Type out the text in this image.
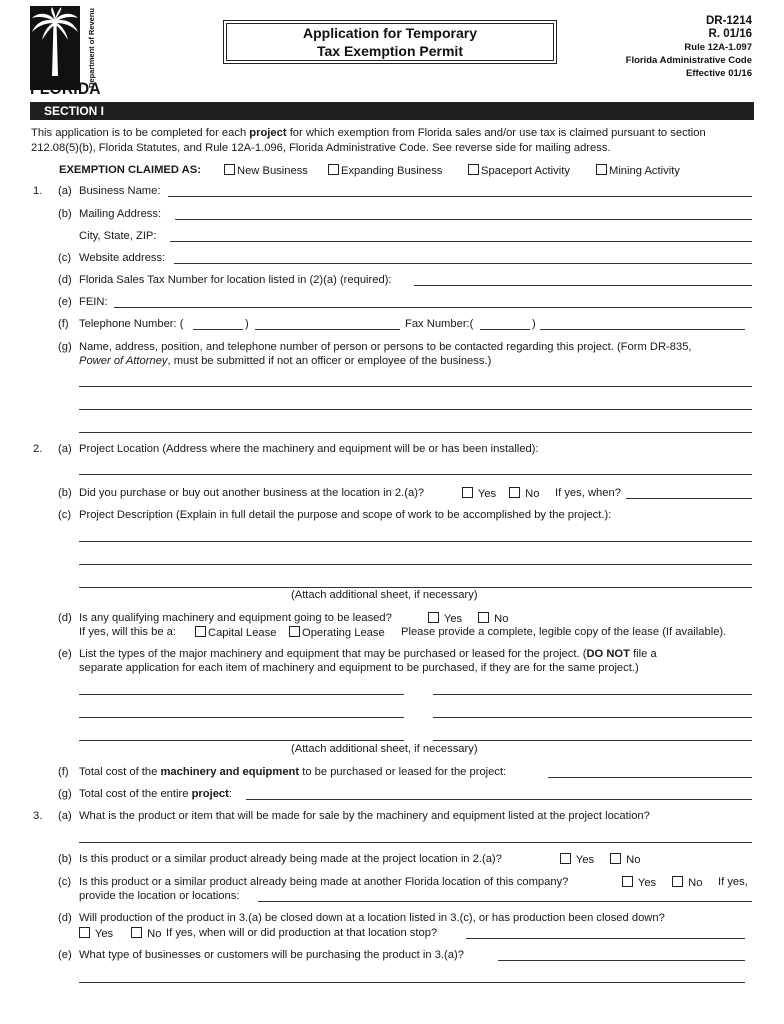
Department of Revenue
FLORIDA
Application for Temporary
Tax Exemption Permit
DR-1214
R. 01/16
Rule 12A-1.097
Florida Administrative Code
Effective 01/16
SECTION I
This application is to be completed for each project for which exemption from Florida sales and/or use tax is claimed pursuant to section 212.08(5)(b), Florida Statutes, and Rule 12A-1.096, Florida Administrative Code. See reverse side for mailing adress.
EXEMPTION CLAIMED AS:	New Business	Expanding Business	Spaceport Activity	Mining Activity
1. (a) Business Name:
(b) Mailing Address:
City, State, ZIP:
(c) Website address:
(d) Florida Sales Tax Number for location listed in (2)(a) (required):
(e) FEIN:
(f) Telephone Number: (	)	Fax Number:(	)
(g) Name, address, position, and telephone number of person or persons to be contacted regarding this project. (Form DR-835,
Power of Attorney, must be submitted if not an officer or employee of the business.)
2. (a) Project Location (Address where the machinery and equipment will be or has been installed):
(b) Did you purchase or buy out another business at the location in 2.(a)?	Yes	No If yes, when?
(c) Project Description (Explain in full detail the purpose and scope of work to be accomplished by the project.):
(Attach additional sheet, if necessary)
(d) Is any qualifying machinery and equipment going to be leased?	Yes	No
If yes, will this be a:	Capital Lease	Operating Lease Please provide a complete, legible copy of the lease (If available).
(e) List the types of the major machinery and equipment that may be purchased or leased for the project. (DO NOT file a
separate application for each item of machinery and equipment to be purchased, if they are for the same project.)
(Attach additional sheet, if necessary)
(f) Total cost of the machinery and equipment to be purchased or leased for the project:
(g) Total cost of the entire project:
3. (a) What is the product or item that will be made for sale by the machinery and equipment listed at the project location?
(b) Is this product or a similar product already being made at the project location in 2.(a)?	Yes	No
(c) Is this product or a similar product already being made at another Florida location of this company?	Yes	No If yes,
provide the location or locations:
(d) Will production of the product in 3.(a) be closed down at a location listed in 3.(c), or has production been closed down?
Yes	No If yes, when will or did production at that location stop?
(e) What type of businesses or customers will be purchasing the product in 3.(a)?
